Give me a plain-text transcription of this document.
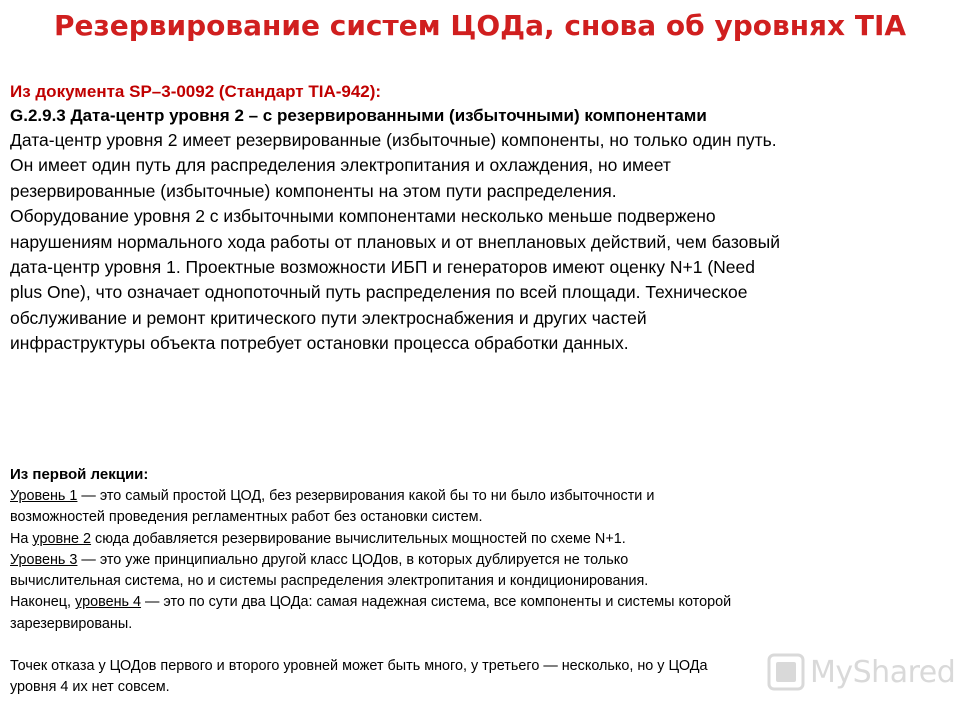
Резервирование систем ЦОДа, снова об уровнях TIA
Из документа SP–3-0092 (Стандарт TIA-942):
G.2.9.3 Дата-центр уровня 2 – с резервированными (избыточными) компонентами
Дата-центр уровня 2 имеет резервированные (избыточные) компоненты, но только один путь.
Он имеет один путь для распределения электропитания и охлаждения, но имеет
резервированные (избыточные) компоненты на этом пути распределения.
Оборудование уровня 2 с избыточными компонентами несколько меньше подвержено
нарушениям нормального хода работы от плановых и от внеплановых действий, чем базовый
дата-центр уровня 1. Проектные возможности ИБП и генераторов имеют оценку N+1 (Need
plus One), что означает однопоточный путь распределения по всей площади. Техническое
обслуживание и ремонт критического пути электроснабжения и других частей
инфраструктуры объекта потребует остановки процесса обработки данных.
Из первой лекции:
Уровень 1 — это самый простой ЦОД, без резервирования какой бы то ни было избыточности и
возможностей проведения регламентных работ без остановки систем.
На уровне 2 сюда добавляется резервирование вычислительных мощностей по схеме N+1.
Уровень 3 — это уже принципиально другой класс ЦОДов, в которых дублируется не только
вычислительная система, но и системы распределения электропитания и кондиционирования.
Наконец, уровень 4 — это по сути два ЦОДа: самая надежная система, все компоненты и системы которой
зарезервированы.
Точек отказа у ЦОДов первого и второго уровней может быть много, у третьего — несколько, но у ЦОДа
уровня 4 их нет совсем.	MyShared
